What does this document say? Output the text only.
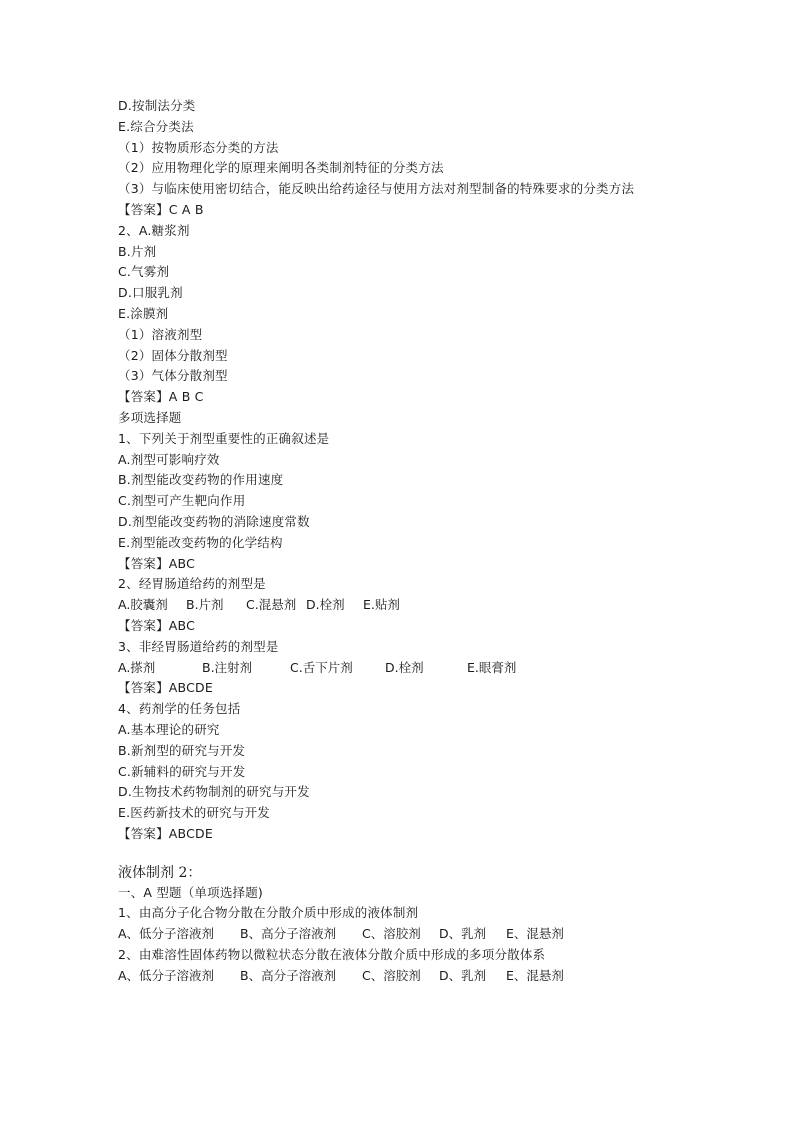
D.按制法分类
E.综合分类法
（1）按物质形态分类的方法
（2）应用物理化学的原理来阐明各类制剂特征的分类方法
（3）与临床使用密切结合，能反映出给药途径与使用方法对剂型制备的特殊要求的分类方法
【答案】C A B
2、A.糖浆剂
B.片剂
C.气雾剂
D.口服乳剂
E.涂膜剂
（1）溶液剂型
（2）固体分散剂型
（3）气体分散剂型
【答案】A B C
多项选择题
1、下列关于剂型重要性的正确叙述是
A.剂型可影响疗效
B.剂型能改变药物的作用速度
C.剂型可产生靶向作用
D.剂型能改变药物的消除速度常数
E.剂型能改变药物的化学结构
【答案】ABC
2、经胃肠道给药的剂型是
A.胶囊剂	B.片剂	C.混悬剂 D.栓剂	E.贴剂
【答案】ABC
3、非经胃肠道给药的剂型是
A.搽剂	B.注射剂	C.舌下片剂	D.栓剂	E.眼膏剂
【答案】ABCDE
4、药剂学的任务包括
A.基本理论的研究
B.新剂型的研究与开发
C.新辅料的研究与开发
D.生物技术药物制剂的研究与开发
E.医药新技术的研究与开发
【答案】ABCDE
液体制剂 2：
一、A 型题（单项选择题)
1、由高分子化合物分散在分散介质中形成的液体制剂
A、低分子溶液剂	B、高分子溶液剂	C、溶胶剂	D、乳剂	E、混悬剂
2、由难溶性固体药物以微粒状态分散在液体分散介质中形成的多项分散体系
A、低分子溶液剂	B、高分子溶液剂	C、溶胶剂	D、乳剂	E、混悬剂
